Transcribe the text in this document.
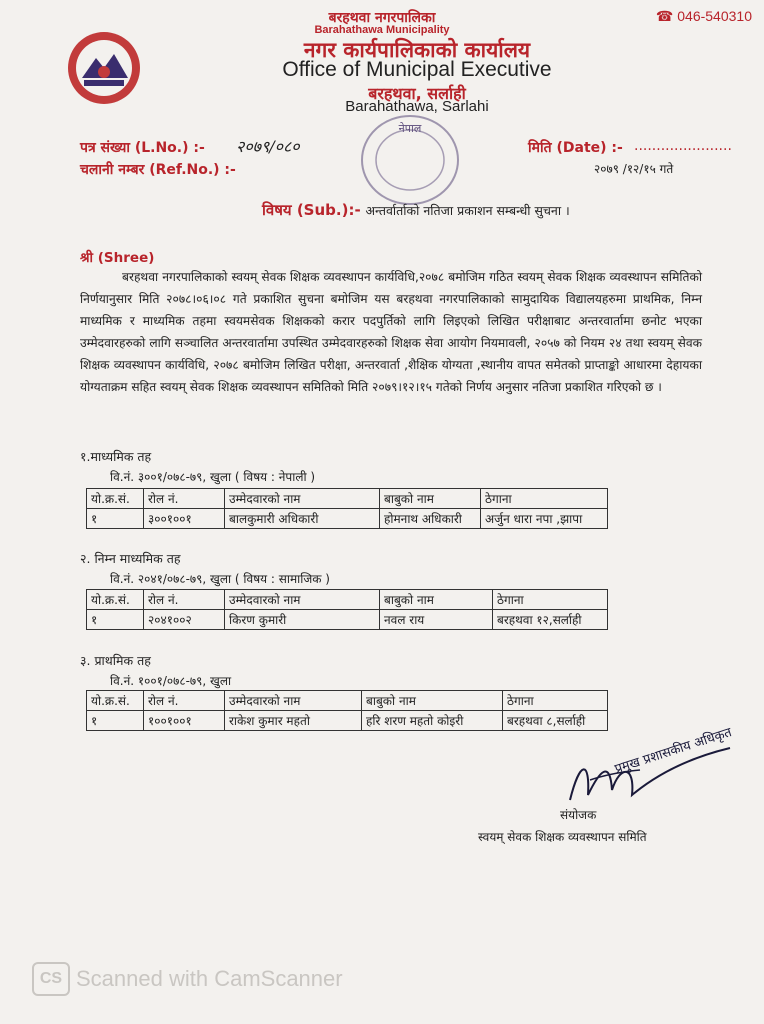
☎ 046-540310
बरहथवा नगरपालिका
Barahathawa Municipality
नगर कार्यपालिकाको कार्यालय
Office of Municipal Executive
बरहथवा, सर्लाही
Barahathawa, Sarlahi
नेपाल
पत्र संख्या (L.No.) :- २०७९/०८०
चलानी नम्बर (Ref.No.) :-
मिति (Date) :- ......................
२०७९ /१२/१५ गते
विषय (Sub.):- अन्तर्वार्ताको नतिजा प्रकाशन सम्बन्धी सुचना ।
श्री (Shree)
बरहथवा नगरपालिकाको स्वयम् सेवक शिक्षक व्यवस्थापन कार्यविधि,२०७८ बमोजिम गठित स्वयम् सेवक शिक्षक व्यवस्थापन समितिको निर्णयानुसार मिति २०७८।०६।०८ गते प्रकाशित सुचना बमोजिम यस बरहथवा नगरपालिकाको सामुदायिक विद्यालयहरुमा प्राथमिक, निम्न माध्यमिक र माध्यमिक तहमा स्वयमसेवक शिक्षकको करार पदपुर्तिको लागि लिइएको लिखित परीक्षाबाट अन्तरवार्तामा छनोट भएका उम्मेदवारहरुको लागि सञ्चालित अन्तरवार्तामा उपस्थित उम्मेदवारहरुको शिक्षक सेवा आयोग नियमावली, २०५७ को नियम २४ तथा स्वयम् सेवक शिक्षक व्यवस्थापन कार्यविधि, २०७८ बमोजिम लिखित परीक्षा, अन्तरवार्ता ,शैक्षिक योग्यता ,स्थानीय वापत समेतको प्राप्ताङ्को आधारमा देहायका योग्यताक्रम सहित स्वयम् सेवक शिक्षक व्यवस्थापन समितिको मिति २०७९।१२।१५ गतेको निर्णय अनुसार नतिजा प्रकाशित गरिएको छ ।
१.माध्यमिक तह
वि.नं. ३००१/०७८-७९, खुला ( विषय : नेपाली )
यो.क्र.सं.	रोल नं.	उम्मेदवारको नाम	बाबुको नाम	ठेगाना
१	३००१००१	बालकुमारी अधिकारी	होमनाथ अधिकारी	अर्जुन धारा नपा ,झापा
२. निम्न माध्यमिक तह
वि.नं. २०४१/०७८-७९, खुला ( विषय : सामाजिक )
यो.क्र.सं.	रोल नं.	उम्मेदवारको नाम	बाबुको नाम	ठेगाना
१	२०४१००२	किरण कुमारी	नवल राय	बरहथवा १२,सर्लाही
३. प्राथमिक तह
वि.नं. १००१/०७८-७९, खुला
यो.क्र.सं.	रोल नं.	उम्मेदवारको नाम	बाबुको नाम	ठेगाना
१	१००१००१	राकेश कुमार महतो	हरि शरण महतो कोइरी	बरहथवा ८,सर्लाही
प्रमुख प्रशासकीय अधिकृत
संयोजक
स्वयम् सेवक शिक्षक व्यवस्थापन समिति
CS Scanned with CamScanner
